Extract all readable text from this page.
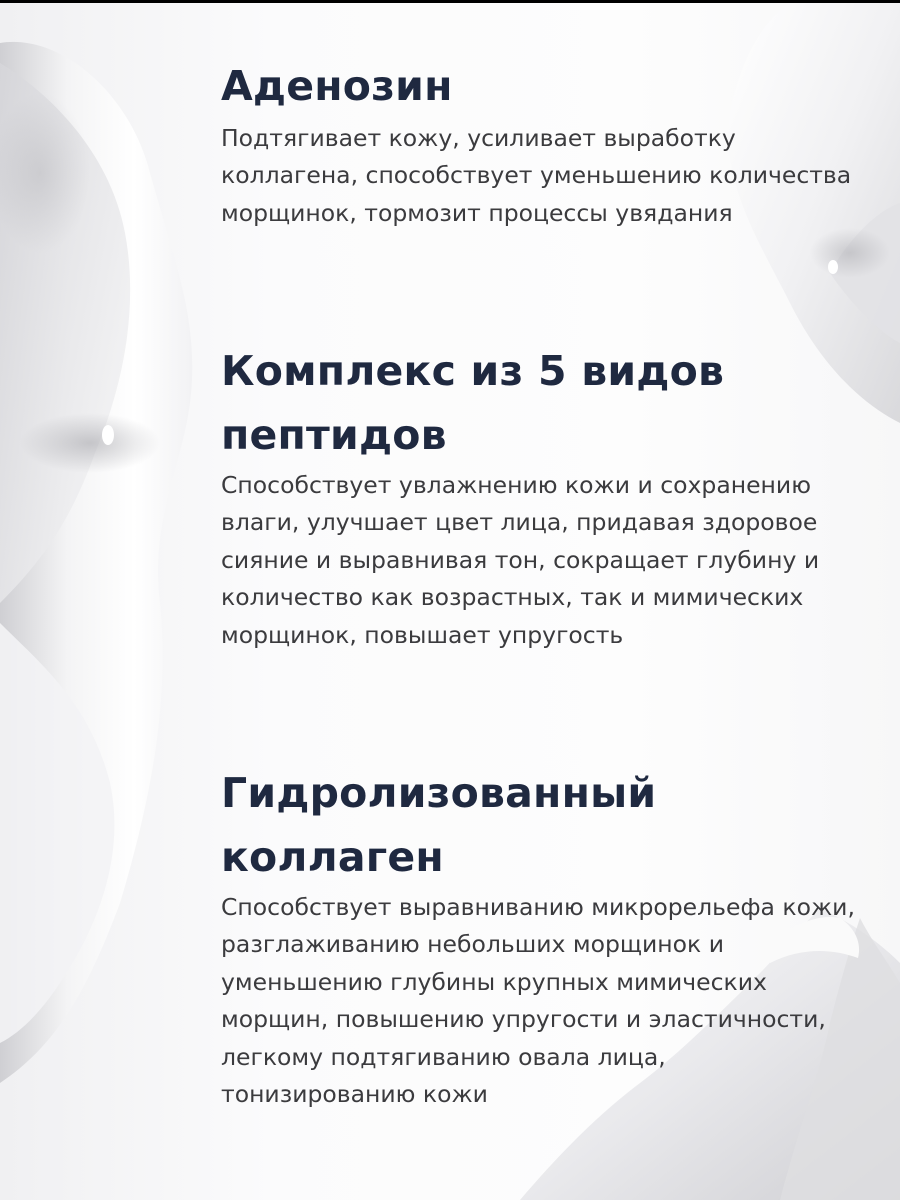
Аденозин

Подтягивает кожу, усиливает выработку коллагена, способствует уменьшению количества морщинок, тормозит процессы увядания

Комплекс из 5 видов пептидов

Способствует увлажнению кожи и сохранению влаги, улучшает цвет лица, придавая здоровое сияние и выравнивая тон, сокращает глубину и количество как возрастных, так и мимических морщинок, повышает упругость

Гидролизованный коллаген

Способствует выравниванию микрорельефа кожи, разглаживанию небольших морщинок и уменьшению глубины крупных мимических морщин, повышению упругости и эластичности, легкому подтягиванию овала лица, тонизированию кожи
